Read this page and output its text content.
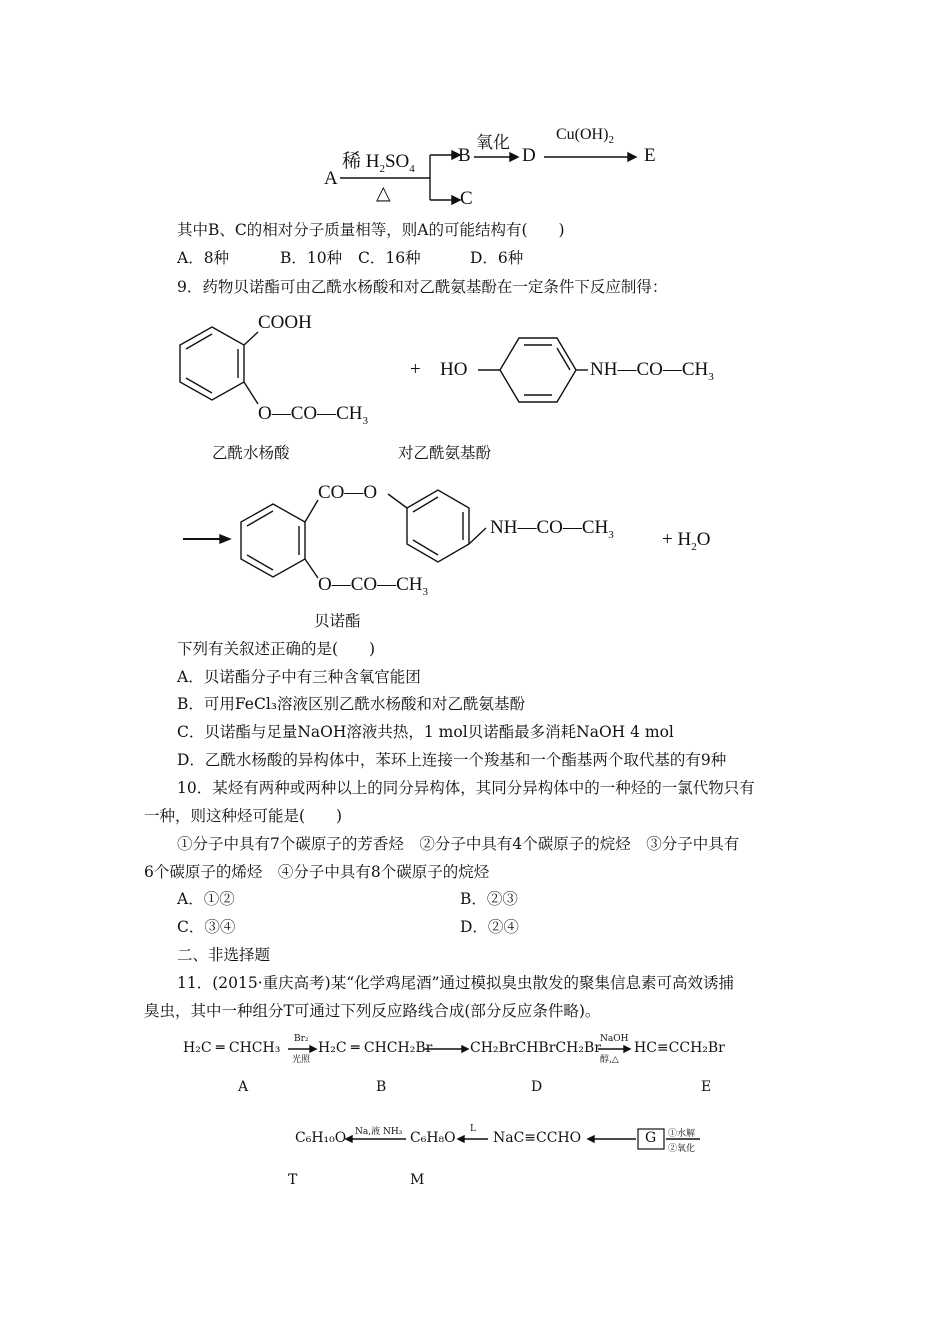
A
稀 $H_2SO_4$
△
B
氧化
D
$Cu(OH)_2$
E
C
其中B、C的相对分子质量相等，则A的可能结构有(　　)
A．8种	B．10种 C．16种	D．6种
9．药物贝诺酯可由乙酰水杨酸和对乙酰氨基酚在一定条件下反应制得：
COOH
$O—CO—CH_3$
+ HO	$NH—CO—CH_3$
乙酰水杨酸	对乙酰氨基酚
CO—O
$NH—CO—CH_3$	+ $H_2O$
$O—CO—CH_3$
贝诺酯
下列有关叙述正确的是(　　)
A．贝诺酯分子中有三种含氧官能团
B．可用FeCl₃溶液区别乙酰水杨酸和对乙酰氨基酚
C．贝诺酯与足量NaOH溶液共热，1 mol贝诺酯最多消耗NaOH 4 mol
D．乙酰水杨酸的异构体中，苯环上连接一个羧基和一个酯基两个取代基的有9种
10．某烃有两种或两种以上的同分异构体，其同分异构体中的一种烃的一氯代物只有
一种，则这种烃可能是(　　)
①分子中具有7个碳原子的芳香烃　②分子中具有4个碳原子的烷烃　③分子中具有
6个碳原子的烯烃　④分子中具有8个碳原子的烷烃
A．①②	B．②③
C．③④	D．②④
二、非选择题
11．(2015·重庆高考)某“化学鸡尾酒”通过模拟臭虫散发的聚集信息素可高效诱捕
臭虫，其中一种组分T可通过下列反应路线合成(部分反应条件略)。
H₂C ═ CHCH₃
Br₂
光照
H₂C ═ CHCH₂Br	CH₂BrCHBrCH₂Br
NaOH
醇,△
HC≡CCH₂Br
A	B	D	E
C₆H₁₀O Na,液 NH₃ C₆H₈O
L
NaC≡CCHO	G ①水解
②氧化
T	M
